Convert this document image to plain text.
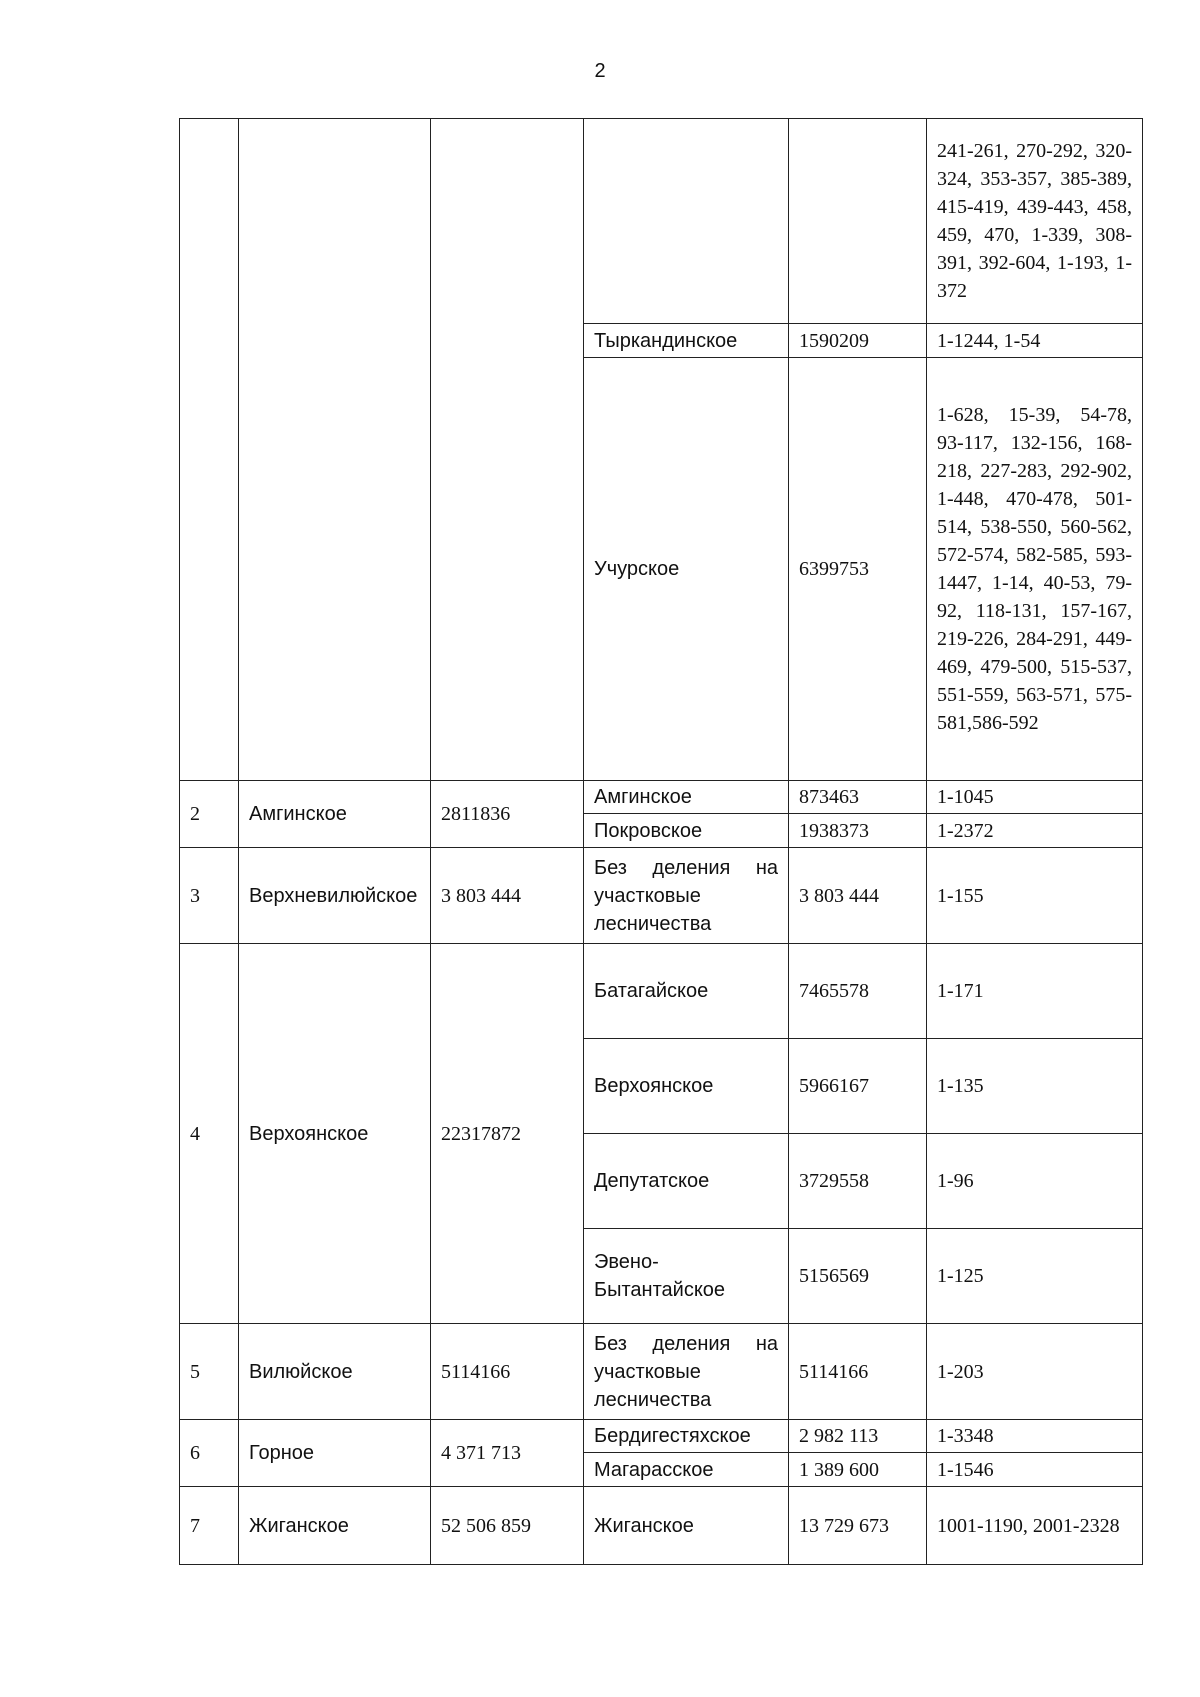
2
					241-261, 270-292, 320-324, 353-357, 385-389, 415-419, 439-443, 458, 459, 470, 1-339, 308-391, 392-604, 1-193, 1-372
			Тыркандинское	1590209	1-1244, 1-54
			Учурское	6399753	1-628, 15-39, 54-78, 93-117, 132-156, 168-218, 227-283, 292-902, 1-448, 470-478, 501-514, 538-550, 560-562, 572-574, 582-585, 593-1447, 1-14, 40-53, 79-92, 118-131, 157-167, 219-226, 284-291, 449-469, 479-500, 515-537, 551-559, 563-571, 575-581,586-592
2	Амгинское	2811836	Амгинское	873463	1-1045
			Покровское	1938373	1-2372
3	Верхневилюйское	3 803 444	Без деления на участковые лесничества	3 803 444	1-155
4	Верхоянское	22317872	Батагайское	7465578	1-171
			Верхоянское	5966167	1-135
			Депутатское	3729558	1-96
			Эвено-Бытантайское	5156569	1-125
5	Вилюйское	5114166	Без деления на участковые лесничества	5114166	1-203
6	Горное	4 371 713	Бердигестяхское	2 982 113	1-3348
			Магарасское	1 389 600	1-1546
7	Жиганское	52 506 859	Жиганское	13 729 673	1001-1190, 2001-2328
